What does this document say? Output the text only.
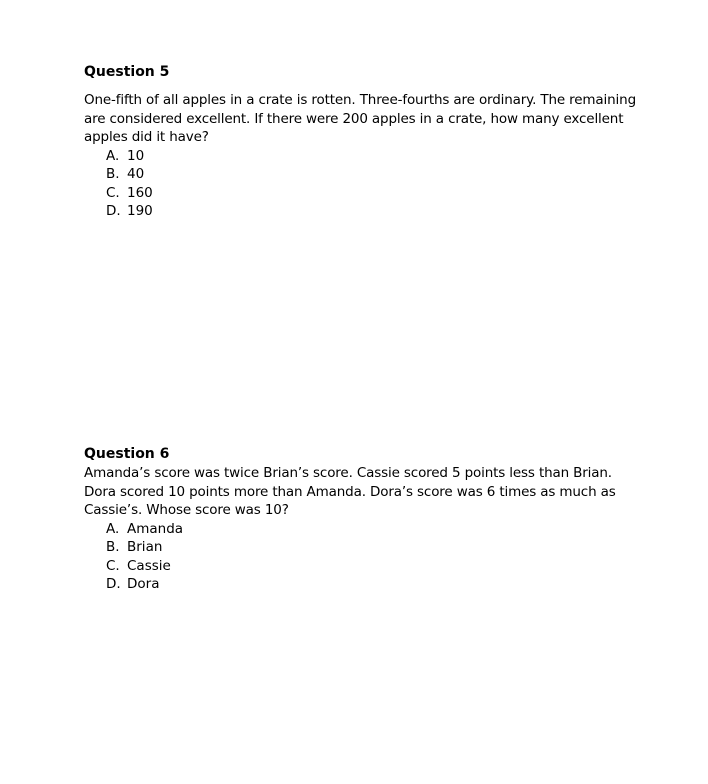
Question 5

One-fifth of all apples in a crate is rotten. Three-fourths are ordinary. The remaining are considered excellent. If there were 200 apples in a crate, how many excellent apples did it have?
A. 10
B. 40
C. 160
D. 190

Question 6

Amanda’s score was twice Brian’s score. Cassie scored 5 points less than Brian. Dora scored 10 points more than Amanda. Dora’s score was 6 times as much as Cassie’s. Whose score was 10?
A. Amanda
B. Brian
C. Cassie
D. Dora
